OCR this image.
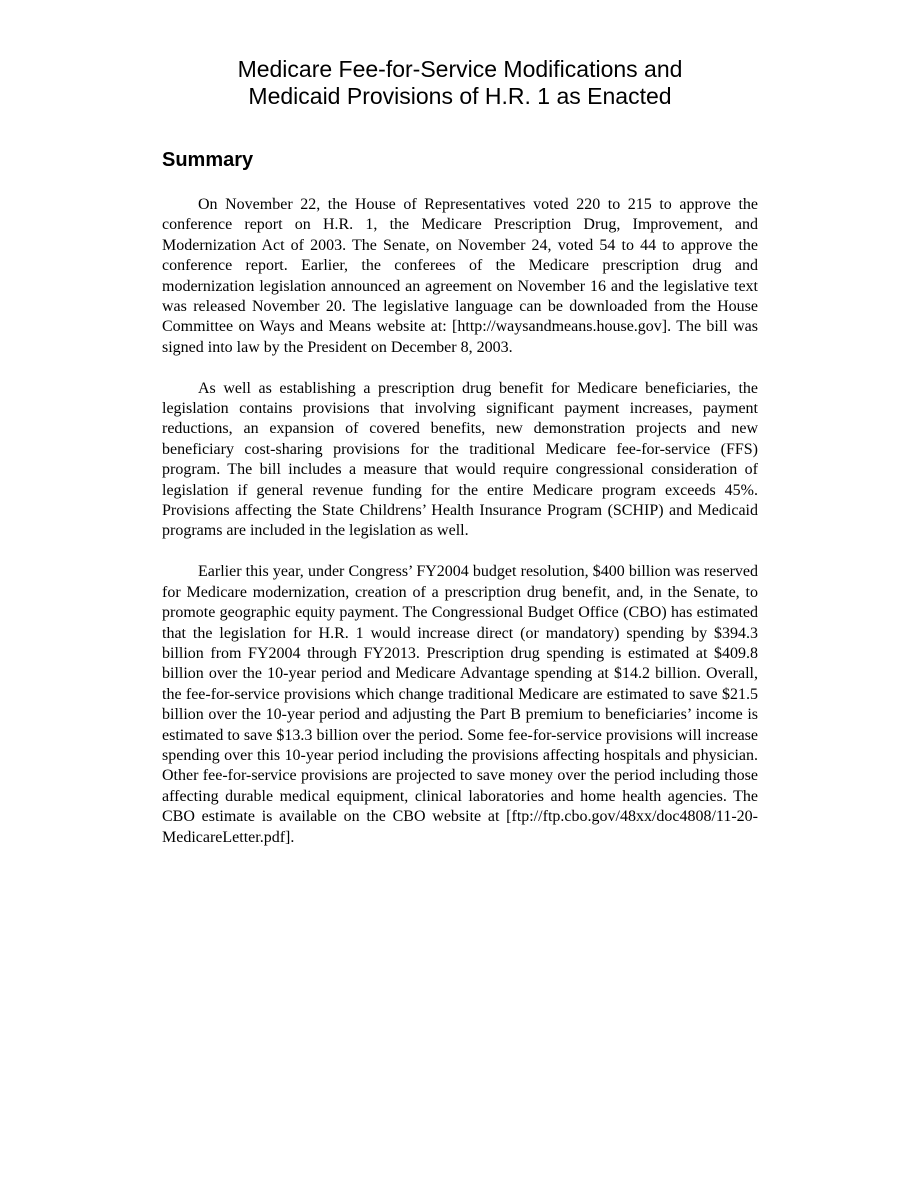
Medicare Fee-for-Service Modifications and
Medicaid Provisions of H.R. 1 as Enacted
Summary

On November 22, the House of Representatives voted 220 to 215 to approve the conference report on H.R. 1, the Medicare Prescription Drug, Improvement, and Modernization Act of 2003. The Senate, on November 24, voted 54 to 44 to approve the conference report. Earlier, the conferees of the Medicare prescription drug and modernization legislation announced an agreement on November 16 and the legislative text was released November 20. The legislative language can be downloaded from the House Committee on Ways and Means website at: [http://waysandmeans.house.gov]. The bill was signed into law by the President on December 8, 2003.

As well as establishing a prescription drug benefit for Medicare beneficiaries, the legislation contains provisions that involving significant payment increases, payment reductions, an expansion of covered benefits, new demonstration projects and new beneficiary cost-sharing provisions for the traditional Medicare fee-for-service (FFS) program. The bill includes a measure that would require congressional consideration of legislation if general revenue funding for the entire Medicare program exceeds 45%. Provisions affecting the State Childrens’ Health Insurance Program (SCHIP) and Medicaid programs are included in the legislation as well.

Earlier this year, under Congress’ FY2004 budget resolution, $400 billion was reserved for Medicare modernization, creation of a prescription drug benefit, and, in the Senate, to promote geographic equity payment. The Congressional Budget Office (CBO) has estimated that the legislation for H.R. 1 would increase direct (or mandatory) spending by $394.3 billion from FY2004 through FY2013. Prescription drug spending is estimated at $409.8 billion over the 10-year period and Medicare Advantage spending at $14.2 billion. Overall, the fee-for-service provisions which change traditional Medicare are estimated to save $21.5 billion over the 10-year period and adjusting the Part B premium to beneficiaries’ income is estimated to save $13.3 billion over the period. Some fee-for-service provisions will increase spending over this 10-year period including the provisions affecting hospitals and physician. Other fee-for-service provisions are projected to save money over the period including those affecting durable medical equipment, clinical laboratories and home health agencies. The CBO estimate is available on the CBO website at [ftp://ftp.cbo.gov/48xx/doc4808/11-20-MedicareLetter.pdf].
